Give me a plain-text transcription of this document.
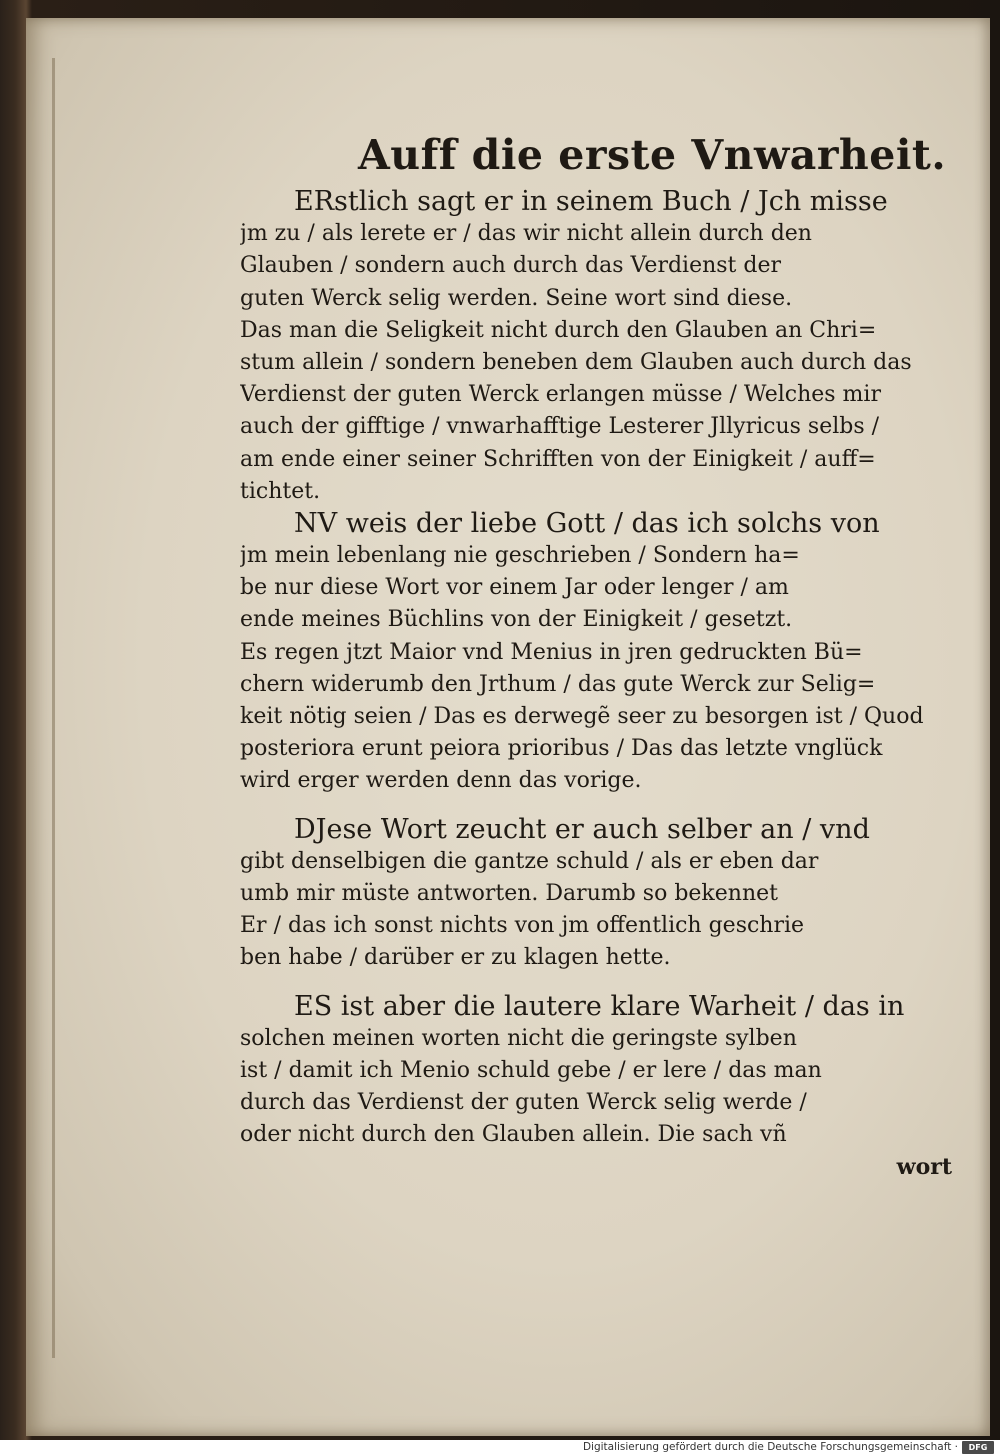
Auff die erste Vnwarheit.
ERstlich sagt er in seinem Buch / Jch misse
jm zu / als lerete er / das wir nicht allein durch den
Glauben / sondern auch durch das Verdienst der
guten Werck selig werden. Seine wort sind diese.
Das man die Seligkeit nicht durch den Glauben an Chri=
stum allein / sondern beneben dem Glauben auch durch das
Verdienst der guten Werck erlangen müsse / Welches mir
auch der gifftige / vnwarhafftige Lesterer Jllyricus selbs /
am ende einer seiner Schrifften von der Einigkeit / auff=
tichtet.
NV weis der liebe Gott / das ich solchs von
jm mein lebenlang nie geschrieben / Sondern ha=
be nur diese Wort vor einem Jar oder lenger / am
ende meines Büchlins von der Einigkeit / gesetzt.
Es regen jtzt Maior vnd Menius in jren gedruckten Bü=
chern widerumb den Jrthum / das gute Werck zur Selig=
keit nötig seien / Das es derwegẽ seer zu besorgen ist / Quod
posteriora erunt peiora prioribus / Das das letzte vnglück
wird erger werden denn das vorige.
DJese Wort zeucht er auch selber an / vnd
gibt denselbigen die gantze schuld / als er eben dar
umb mir müste antworten. Darumb so bekennet
Er / das ich sonst nichts von jm offentlich geschrie
ben habe / darüber er zu klagen hette.
ES ist aber die lautere klare Warheit / das in
solchen meinen worten nicht die geringste sylben
ist / damit ich Menio schuld gebe / er lere / das man
durch das Verdienst der guten Werck selig werde /
oder nicht durch den Glauben allein. Die sach vñ
wort
Digitalisierung gefördert durch die Deutsche Forschungsgemeinschaft ·	DFG
